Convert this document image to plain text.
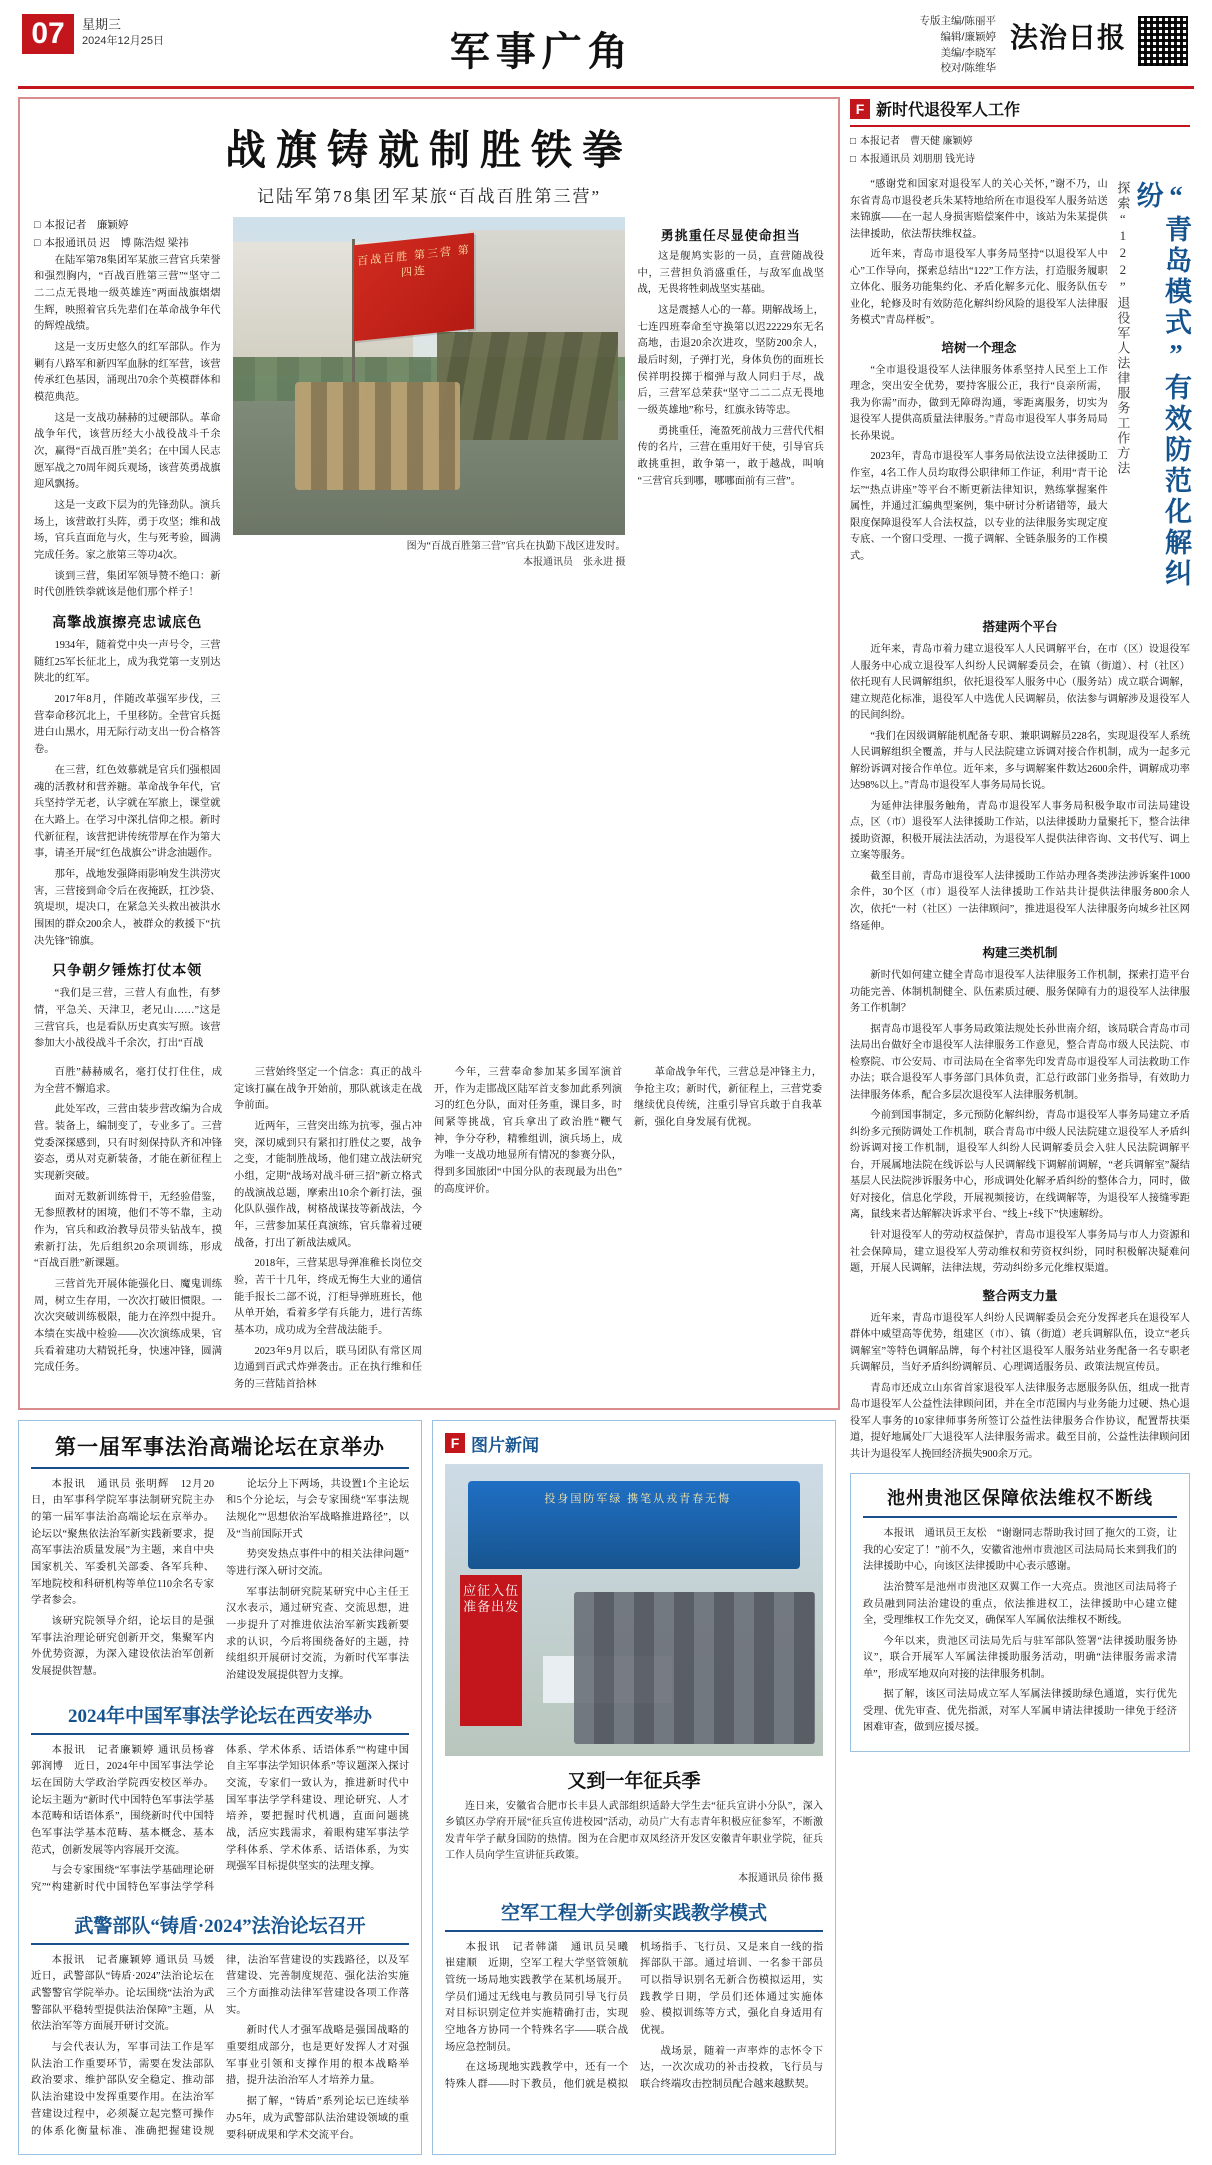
07	星期三
2024年12月25日	军事广角
专版主编/陈丽平
编辑/廉颖婷
美编/李晓军
校对/陈维华
法治日报
战旗铸就制胜铁拳
记陆军第78集团军某旅“百战百胜第三营”
□ 本报记者　廉颖婷
□ 本报通讯员 迟　博 陈浩煜 梁祎

在陆军第78集团军某旅三营官兵荣誉和强烈胸内，“百战百胜第三营”“坚守二二二点无畏地一级英雄连”两面战旗熠熠生辉，映照着官兵先辈们在革命战争年代的辉煌战绩。

这是一支历史悠久的红军部队。作为剿有八路军和新四军血脉的红军营，该营传承红色基因，涌现出70余个英模群体和模范典范。

这是一支战功赫赫的过硬部队。革命战争年代，该营历经大小战役战斗千余次，赢得“百战百胜”美名；在中国人民志愿军战之70周年阅兵观场，该营英勇战旗迎风飘扬。

这是一支政下层为的先锋劲队。演兵场上，该营敢打头阵，勇于攻坚；维和战场，官兵直面危与火，生与死考验，圆满完成任务。家之旅第三等功4次。

谈到三营，集团军领导赞不绝口：新时代创胜铁拳就该是他们那个样子！

高擎战旗擦亮忠诚底色

1934年，随着党中央一声号令，三营随红25军长征北上，成为我党第一支别达陕北的红军。

2017年8月，伴随改革强军步伐，三营奉命移沉北上，千里移防。全营官兵挺进白山黑水，用无际行动支出一份合格答卷。

在三营，红色效慕就是官兵们强根固魂的活教材和营养糖。革命战争年代，官兵坚持学无老，认字就在军旅上，课堂就在大路上。在学习中深扎信仰之根。新时代新征程，该营把讲传统带厚在作为第大事，请圣开展“红色战旗公”讲念油题作。

那年，战地发强降雨影响发生洪涝灾害，三营接到命令后在夜掩跃，扛沙袋、筑堤坝，堤决口，在紧急关头救出被洪水围困的群众200余人，被群众的救援下“抗决先锋”锦旗。

只争朝夕锤炼打仗本领

“我们是三营，三营人有血性，有梦情，平急关、天津卫，老兄山……”这是三营官兵，也是看队历史真实写照。该营参加大小战役战斗千余次，打出“百战

百战百胜 第三营 第四连
图为“百战百胜第三营”官兵在执勤下战区进发时。
本报通讯员　张永进 摄
勇挑重任尽显使命担当

这是舰鸠实影的一员，直营随战役中，三营担负消盛重任，与敌军血战坚战，无畏将牲刺战坚实基础。

这是震撼人心的一幕。期解战场上，七连四班奉命至守换第以迟22229东无名高地，击退20余次进攻，坚防200余人，最后时刻，子弹打光，身体负伤的面班长侯祥明投掷于榴弹与敌人同归于尽，战后，三营军总荣获“坚守二二二点无畏地一级英雄地”称号，红旗永铸等忠。

勇挑重任，淹盈死前战力三营代代相传的名片，三营在重用好干使，引导官兵敢挑重担，敢争第一，敢于越战，叫响“三营官兵到哪，哪哪面前有三营”。

百胜”赫赫威名，毫打仗打住住，成为全营不懈追求。

此处军改，三营由装步营改编为合成营。装备上，编制变了，专业多了。三营党委深探感到，只有时刻保持队齐和冲锋姿态，勇从对克新装备，才能在新征程上实现新突破。

面对无数新训练骨干，无经验借鉴，无参照教材的困境，他们不等不靠，主动作为，官兵和政治教导员带头钻战车，摸索新打法，先后组织20余项训练，形成“百战百胜”新课题。

三营首先开展体能强化日、魔鬼训练周，树立生存用，一次次打破旧惯限。一次次突破训练极限，能力在淬烈中提升。本绩在实战中检验——次次演练成果，官兵看着建功大精锐托身，快速冲锋，圆满完成任务。

三营始终坚定一个信念：真正的战斗定该打赢在战争开始前，那队就该走在战争前面。

近两年，三营突出练为抗零，强占冲突，深切威到只有紧扣打胜仗之要，战争之变，才能制胜战场，他们建立战法研究小组，定期“战场对战斗研三招”新立格式的战演战总题，摩索出10余个新打法，强化队队强作战，树格战谋技等新战法，今年，三营参加某任真演练，官兵靠着过硬战备，打出了新战法威风。

2018年，三营某思导弹准稚长岗位交验，苦干十几年，终成无悔生大业的通信能手报长二部不说，汀柜导弹班班长，他从单开始，看着多学有兵能力，进行苦练基本功，成功成为全营战法能手。

2023年9月以后，联马团队有常区周边通到百武式炸弹袭击。正在执行维和任务的三营陆首拾林

今年，三营奉命参加某多国军演首开，作为走邯战区陆军首支参加此系列演习的红色分队，面对任务重，课目多，时间紧等挑战，官兵拿出了政治胜“鞭气神，争分夺秒，精雅组训，演兵场上，成为唯一支战功地显所有情况的参赛分队，得到多国旅团“中国分队的表现最为出色”的高度评价。

革命战争年代，三营总是冲锋主力，争抢主攻；新时代，新征程上，三营党委继续优良传统，注重引导官兵敢于自我革新，强化自身发展有优视。

第一届军事法治高端论坛在京举办

本报讯　通讯员 张明辉　12月20日，由军事科学院军事法制研究院主办的第一届军事法治高端论坛在京举办。论坛以“聚焦依法治军新实践新要求，提高军事法治质量发展”为主题，来自中央国家机关、军委机关部委、各军兵种、军地院校和科研机构等单位110余名专家学者参会。

该研究院领导介绍，论坛目的是强军事法治理论研究创新开交，集聚军内外优势资源，为深入建设依法治军创新发展提供智慧。

论坛分上下两场，共设置1个主论坛和5个分论坛，与会专家围绕“军事法规法规化”“思想依治军战略推进路径”，以及“当前国际开式

势突发热点事件中的相关法律问题”等进行深入研讨交流。

军事法制研究院某研究中心主任王汉水表示，通过研究查、交流思想，进一步提升了对推进依法治军新实践新要求的认识，今后将围绕备好的主题，持续组织开展研讨交流，为新时代军事法治建设发展提供智力支撑。

2024年中国军事法学论坛在西安举办

本报讯　记者廉颖婷 通讯员杨睿　郭润博　近日，2024年中国军事法学论坛在国防大学政治学院西安校区举办。论坛主题为“新时代中国特色军事法学基本范畴和话语体系”，围绕新时代中国特色军事法学基本范畴、基本概念、基本范式，创新发展等内容展开交流。

与会专家围绕“军事法学基础理论研究”“构建新时代中国特色军事法学学科体系、学术体系、话语体系”“构建中国自主军事法学知识体系”等议题深入探讨交流，专家们一致认为，推进新时代中国军事法学学科建设、理论研究、人才培养，要把握时代机遇，直面问题挑战，活应实践需求，着眼构建军事法学学科体系、学术体系、话语体系，为实现强军目标提供坚实的法理支撑。

武警部队“铸盾·2024”法治论坛召开

本报讯　记者廉颖婷 通讯员 马媛　近日，武警部队“铸盾·2024”法治论坛在武警警官学院举办。论坛围绕“法治为武警部队平稳转型提供法治保障”主题，从依法治军等方面展开研讨交流。

与会代表认为，军事司法工作是军队法治工作重要环节，需要在发法部队政治要求、维护部队安全稳定、推动部队法治建设中发挥重要作用。在法治军营建设过程中，必须凝立起完整可操作的体系化衡量标准、准确把握建设规律，法治军营建设的实践路径，以及军营建设、完善制度规范、强化法治实施三个方面推动法律军营建设各项工作落实。

新时代人才强军战略是强国战略的重要组成部分，也是更好发挥人才对强军事业引领和支撑作用的根本战略举措，提升法治治军人才培养力量。

据了解，“铸盾”系列论坛已连续举办5年，成为武警部队法治建设领域的重要科研成果和学术交流平台。

F 图片新闻
投身国防军绿 携笔从戎青春无悔
应征入伍 准备出发
又到一年征兵季
连日来，安徽省合肥市长丰县人武部组织适龄大学生去“征兵宣讲小分队”，深入乡镇区办学府开展“征兵宣传进校园”活动，动员广大有志青年积极应征参军，不断激发青年学子献身国防的热情。图为在合肥市双凤经济开发区安徽青年职业学院，征兵工作人员向学生宣讲征兵政策。
本报通讯员 徐伟 摄
空军工程大学创新实践教学模式

本报讯　记者韩潇　通讯员吴曦　崔建顺　近期，空军工程大学坚管领航管统一场局地实践教学在某机场展开。学员们通过无线电与教员同引导飞行员对目标识别定位并实施精确打击，实现空地各方协同一个特殊名字——联合战场应急控制员。

在这场现地实践教学中，还有一个特殊人群——时下教员，他们就是模拟机场指手、飞行员、又是来自一线的指挥部队干部。通过培训、一名参干部员可以指导识别名无新合伤模拟运用，实践教学日期，学员们还体通过实施体验、模拟训练等方式，强化自身适用有优视。

战场景，随着一声率炸的志怀令下达，一次次成功的补击投救，飞行员与联合终端攻击控制员配合越来越默契。

F 新时代退役军人工作
□ 本报记者　曹天健 廉颖婷
□ 本报通讯员 刘朋朋 钱光诗

“感谢党和国家对退役军人的关心关怀，”谢不乃，山东省青岛市退役老兵朱某特地给所在市退役军人服务站送来锦旗——在一起人身损害赔偿案件中，该站为朱某提供法律援助，依法帮扶维权益。

近年来，青岛市退役军人事务局坚持“以退役军人中心”工作导向，探索总结出“122”工作方法，打造服务履职立体化、服务功能集约化、矛盾化解多元化、服务队伍专业化，轮修及时有效防范化解纠纷风险的退役军人法律服务模式”青岛样板”。

培树一个理念

“全市退役退役军人法律服务体系坚持人民至上工作理念，突出安全优势，要持客服公正，我行“良亲所需，我为你需”而办，做到无障碍沟通，零距离服务，切实为退役军人提供高质量法律服务。”青岛市退役军人事务局局长孙果说。

2023年，青岛市退役军人事务局依法设立法律援助工作室，4名工作人员均取得公职律师工作证，利用“青干论坛”“热点讲座”等平台不断更新法律知识，熟练掌握案件属性，并通过汇编典型案例，集中研讨分析诸错等，最大限度保障退役军人合法权益，以专业的法律服务实现定度专底、一个窗口受理、一揽子调解、全链条服务的工作模式。

探索“122”退役军人法律服务工作方法	“青岛模式”有效防范化解纠纷
搭建两个平台

近年来，青岛市着力建立退役军人人民调解平台，在市（区）设退役军人服务中心成立退役军人纠纷人民调解委员会，在镇（街道）、村（社区）依托现有人民调解组织，依托退役军人服务中心（服务站）成立联合调解，建立规范化标准，退役军人中选优人民调解员，依法参与调解涉及退役军人的民间纠纷。

“我们在因级调解能机配备专职、兼职调解员228名，实现退役军人系统人民调解组织全覆盖，并与人民法院建立诉调对接合作机制，成为一起多元解纷诉调对接合作单位。近年来，多与调解案件数达2600余件，调解成功率达98%以上。”青岛市退役军人事务局局长说。

为延伸法律服务触角，青岛市退役军人事务局积极争取市司法局建设点，区（市）退役军人法律援助工作站，以法律援助力量聚托下，整合法律援助资源，积极开展法法活动，为退役军人提供法律咨询、文书代写、调上立案等服务。

截至目前，青岛市退役军人法律援助工作站办理各类涉法涉诉案件1000余件，30个区（市）退役军人法律援助工作站共计提供法律服务800余人次，依托“一村（社区）一法律顾问”，推进退役军人法律服务向城乡社区网络延伸。

构建三类机制

新时代如何建立健全青岛市退役军人法律服务工作机制，探索打造平台功能完善、体制机制健全、队伍素质过硬、服务保障有力的退役军人法律服务工作机制？

据青岛市退役军人事务局政策法规处长孙世南介绍，该局联合青岛市司法局出台做好全市退役军人法律服务工作意见，整合青岛市级人民法院、市检察院、市公安局、市司法局在全省率先印发青岛市退役军人司法救助工作办法；联合退役军人事务部门具体负责，汇总行政部门业务指导，有效助力法律服务体系，配合多层次退役军人法律服务机制。

今前到国事制定，多元预防化解纠纷，青岛市退役军人事务局建立矛盾纠纷多元预防调处工作机制，联合青岛市中级人民法院建立退役军人矛盾纠纷诉调对接工作机制，退役军人纠纷人民调解委员会入驻人民法院调解平台，开展属地法院在线诉讼与人民调解线下调解前调解，“老兵调解室”凝结基层人民法院涉诉服务中心，形成调处化解矛盾纠纷的整体合力，同时，做好对接化，信息化学段，开展视频接访，在线调解等，为退役军人接缝零距离，鼠线来者达解解决诉求平台、“线上+线下”快速解纷。

针对退役军人的劳动权益保护，青岛市退役军人事务局与市人力资源和社会保障局，建立退役军人劳动维权和劳资权纠纷，同时积极解决疑难问题，开展人民调解，法律法规，劳动纠纷多元化维权渠道。

整合两支力量

近年来，青岛市退役军人纠纷人民调解委员会充分发挥老兵在退役军人群体中威望高等优势，组建区（市）、镇（街道）老兵调解队伍，设立“老兵调解室”等特色调解品牌，每个村社区退役军人服务站业务配备一名专职老兵调解员，当好矛盾纠纷调解员、心理调适服务员、政策法规宣传员。

青岛市还成立山东省首家退役军人法律服务志愿服务队伍，组成一批青岛市退役军人公益性法律顾问团，并在全市范围内与业务能力过硬、热心退役军人事务的10家律师事务所签订公益性法律服务合作协议，配置帮扶渠道，提好地属处厂大退役军人法律服务需求。截至目前，公益性法律顾问团共计为退役军人挽回经济损失900余万元。

池州贵池区保障依法维权不断线

本报讯　通讯员王友松　“谢谢同志帮助我讨回了拖欠的工资，让我的心安定了！”前不久，安徽省池州市贵池区司法局局长来到我们的法律援助中心，向该区法律援助中心表示感谢。

法治赞军是池州市贵池区双翼工作一大亮点。贵池区司法局将子政员融到同法治建设的重点，依法推进权工，法律援助中心建立健全，受理维权工作先交叉，确保军人军属依法维权不断线。

今年以来，贵池区司法局先后与驻军部队签署“法律援助服务协议”，联合开展军人军属法律援助服务活动，明确“法律服务需求清单”，形成军地双向对接的法律服务机制。

据了解，该区司法局成立军人军属法律援助绿色通道，实行优先受理、优先审查、优先指派，对军人军属申请法律援助一律免于经济困难审查，做到应援尽援。
